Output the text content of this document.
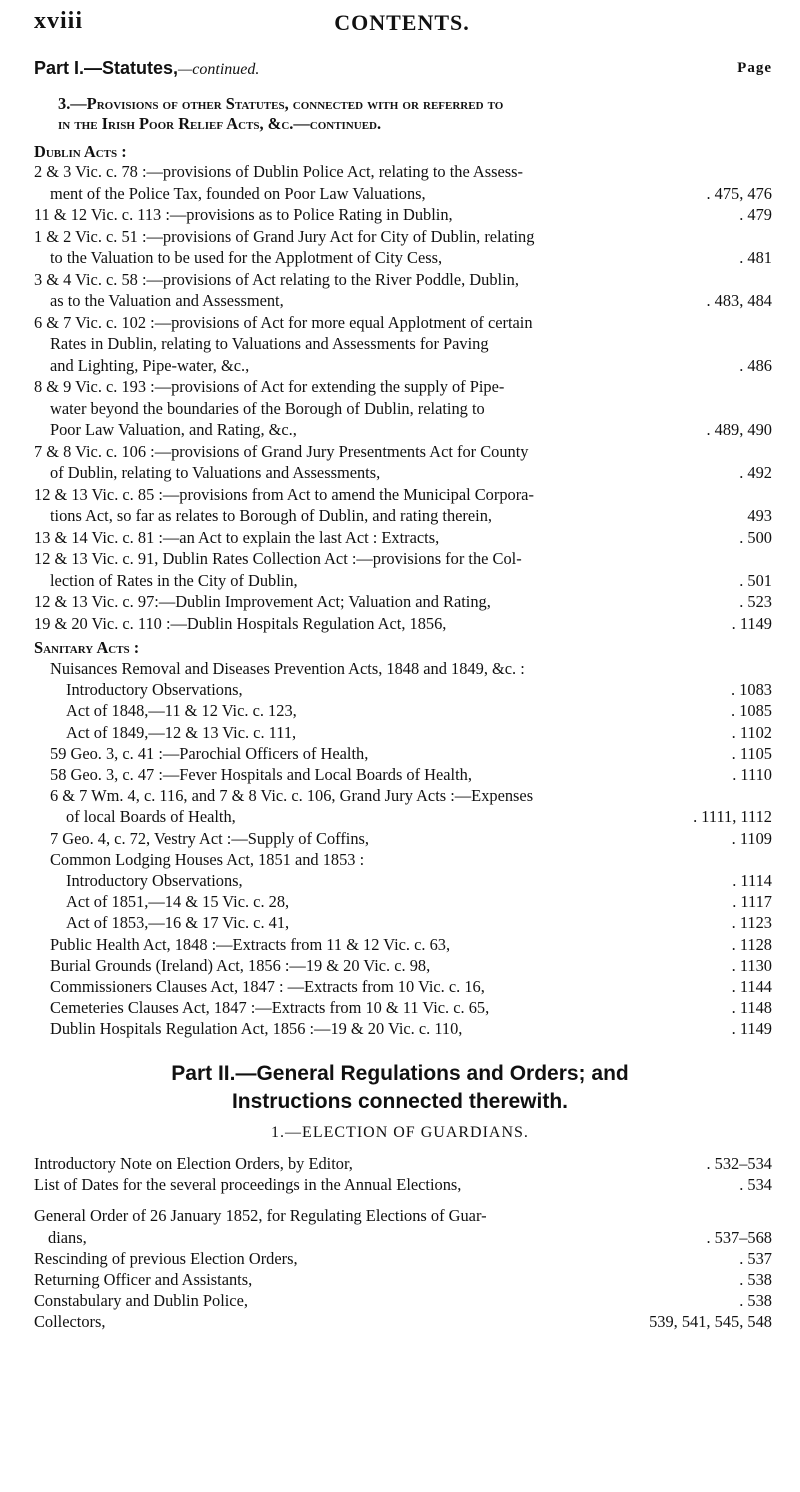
xviii	CONTENTS.
Part I.—Statutes,—continued.	Page
3.—Provisions of other Statutes, connected with or referred to
in the Irish Poor Relief Acts, &c.—continued.
Dublin Acts :
2 & 3 Vic. c. 78 :—provisions of Dublin Police Act, relating to the Assess-
ment of the Police Tax, founded on Poor Law Valuations,	. 475, 476
11 & 12 Vic. c. 113 :—provisions as to Police Rating in Dublin,	. 479
1 & 2 Vic. c. 51 :—provisions of Grand Jury Act for City of Dublin, relating
to the Valuation to be used for the Applotment of City Cess,	. 481
3 & 4 Vic. c. 58 :—provisions of Act relating to the River Poddle, Dublin,
as to the Valuation and Assessment,	. 483, 484
6 & 7 Vic. c. 102 :—provisions of Act for more equal Applotment of certain
Rates in Dublin, relating to Valuations and Assessments for Paving
and Lighting, Pipe-water, &c.,	. 486
8 & 9 Vic. c. 193 :—provisions of Act for extending the supply of Pipe-
water beyond the boundaries of the Borough of Dublin, relating to
Poor Law Valuation, and Rating, &c.,	. 489, 490
7 & 8 Vic. c. 106 :—provisions of Grand Jury Presentments Act for County
of Dublin, relating to Valuations and Assessments,	. 492
12 & 13 Vic. c. 85 :—provisions from Act to amend the Municipal Corpora-
tions Act, so far as relates to Borough of Dublin, and rating therein,	493
13 & 14 Vic. c. 81 :—an Act to explain the last Act : Extracts,	. 500
12 & 13 Vic. c. 91, Dublin Rates Collection Act :—provisions for the Col-
lection of Rates in the City of Dublin,	. 501
12 & 13 Vic. c. 97:—Dublin Improvement Act; Valuation and Rating,	. 523
19 & 20 Vic. c. 110 :—Dublin Hospitals Regulation Act, 1856,	. 1149
Sanitary Acts :
Nuisances Removal and Diseases Prevention Acts, 1848 and 1849, &c. :
Introductory Observations,	. 1083
Act of 1848,—11 & 12 Vic. c. 123,	. 1085
Act of 1849,—12 & 13 Vic. c. 111,	. 1102
59 Geo. 3, c. 41 :—Parochial Officers of Health,	. 1105
58 Geo. 3, c. 47 :—Fever Hospitals and Local Boards of Health,	. 1110
6 & 7 Wm. 4, c. 116, and 7 & 8 Vic. c. 106, Grand Jury Acts :—Expenses
of local Boards of Health,	. 1111, 1112
7 Geo. 4, c. 72, Vestry Act :—Supply of Coffins,	. 1109
Common Lodging Houses Act, 1851 and 1853 :
Introductory Observations,	. 1114
Act of 1851,—14 & 15 Vic. c. 28,	. 1117
Act of 1853,—16 & 17 Vic. c. 41,	. 1123
Public Health Act, 1848 :—Extracts from 11 & 12 Vic. c. 63,	. 1128
Burial Grounds (Ireland) Act, 1856 :—19 & 20 Vic. c. 98,	. 1130
Commissioners Clauses Act, 1847 : —Extracts from 10 Vic. c. 16,	. 1144
Cemeteries Clauses Act, 1847 :—Extracts from 10 & 11 Vic. c. 65,	. 1148
Dublin Hospitals Regulation Act, 1856 :—19 & 20 Vic. c. 110,	. 1149
Part II.—General Regulations and Orders; and
Instructions connected therewith.
1.—ELECTION OF GUARDIANS.
Introductory Note on Election Orders, by Editor,	. 532–534
List of Dates for the several proceedings in the Annual Elections,	. 534
General Order of 26 January 1852, for Regulating Elections of Guar-
dians,	. 537–568
Rescinding of previous Election Orders,	. 537
Returning Officer and Assistants,	. 538
Constabulary and Dublin Police,	. 538
Collectors,	539, 541, 545, 548
